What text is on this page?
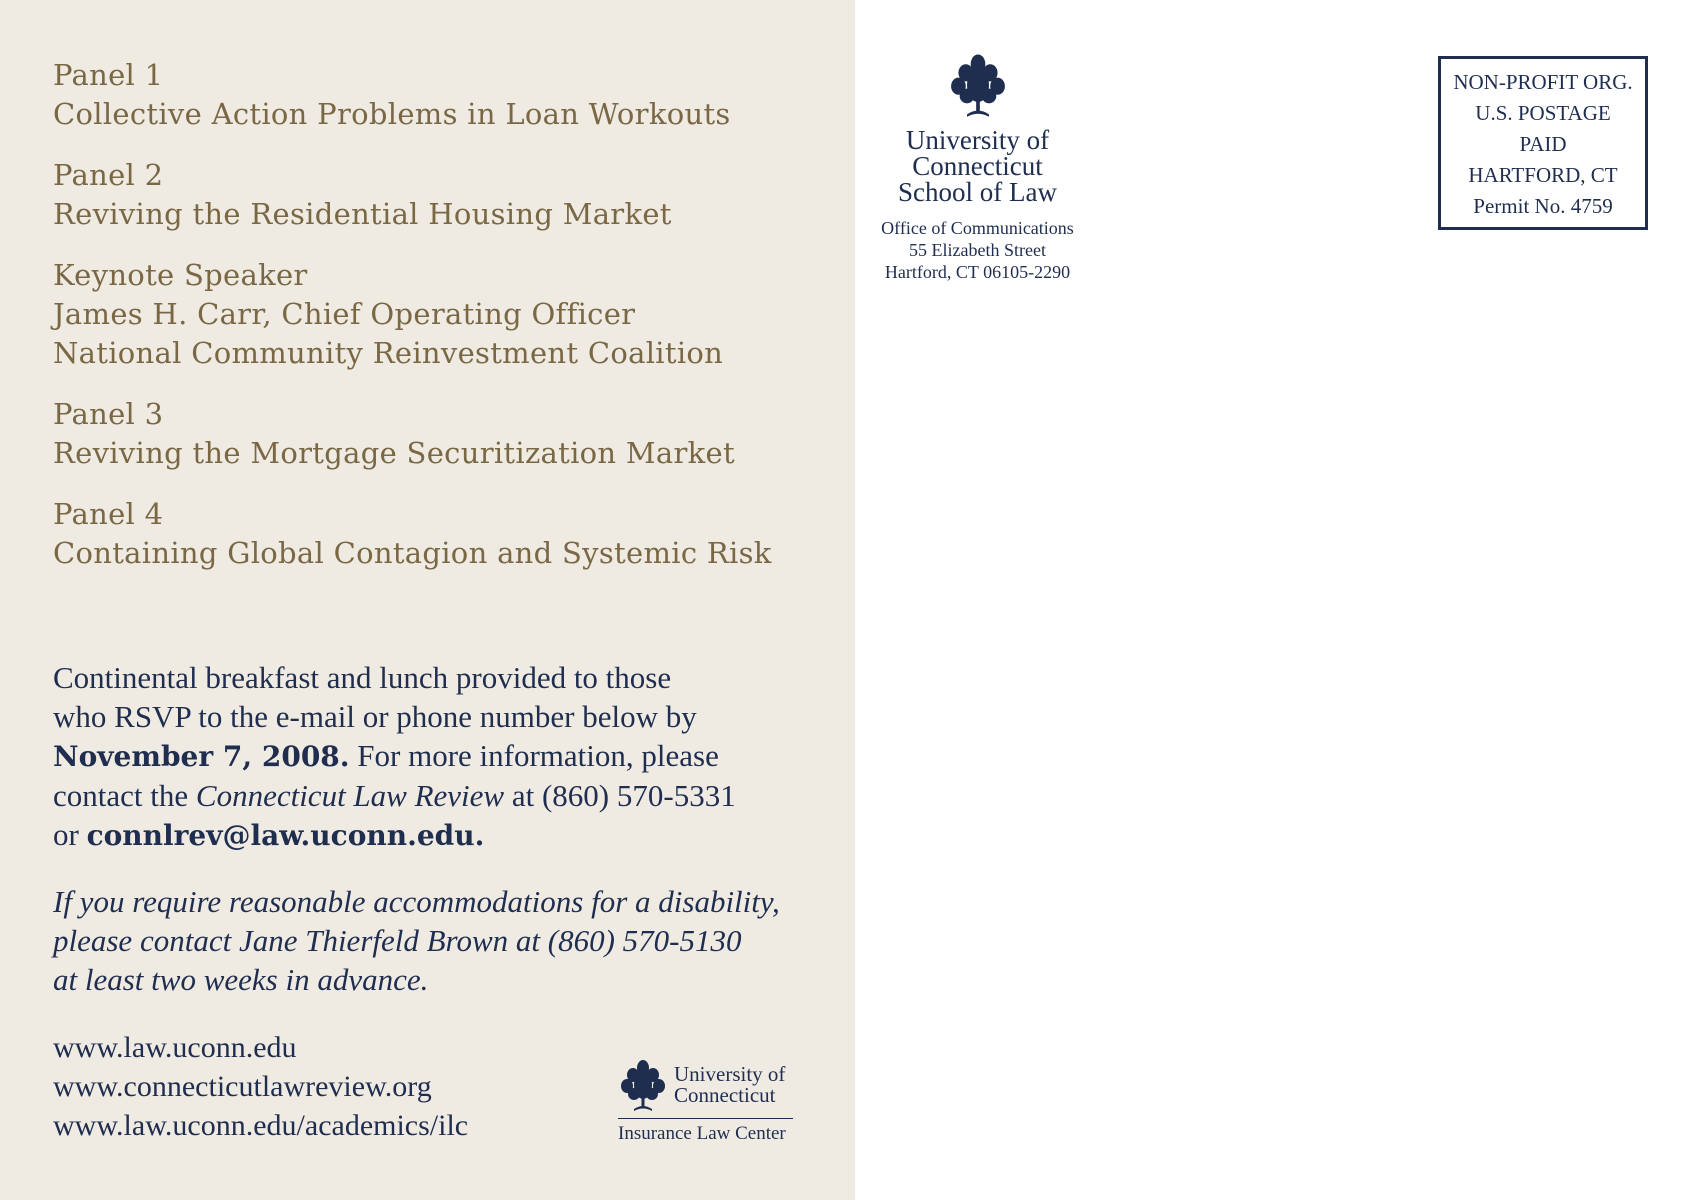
Panel 1
Collective Action Problems in Loan Workouts
Panel 2
Reviving the Residential Housing Market
Keynote Speaker
James H. Carr, Chief Operating Officer
National Community Reinvestment Coalition
Panel 3
Reviving the Mortgage Securitization Market
Panel 4
Containing Global Contagion and Systemic Risk
Continental breakfast and lunch provided to those
who RSVP to the e-mail or phone number below by
November 7, 2008. For more information, please
contact the Connecticut Law Review at (860) 570-5331
or connlrev@law.uconn.edu.
If you require reasonable accommodations for a disability,
please contact Jane Thierfeld Brown at (860) 570-5130
at least two weeks in advance.
www.law.uconn.edu
www.connecticutlawreview.org
www.law.uconn.edu/academics/ilc
University of
Connecticut
Insurance Law Center
University of
Connecticut
School of Law
Office of Communications
55 Elizabeth Street
Hartford, CT 06105-2290
NON-PROFIT ORG.
U.S. POSTAGE
PAID
HARTFORD, CT
Permit No. 4759
